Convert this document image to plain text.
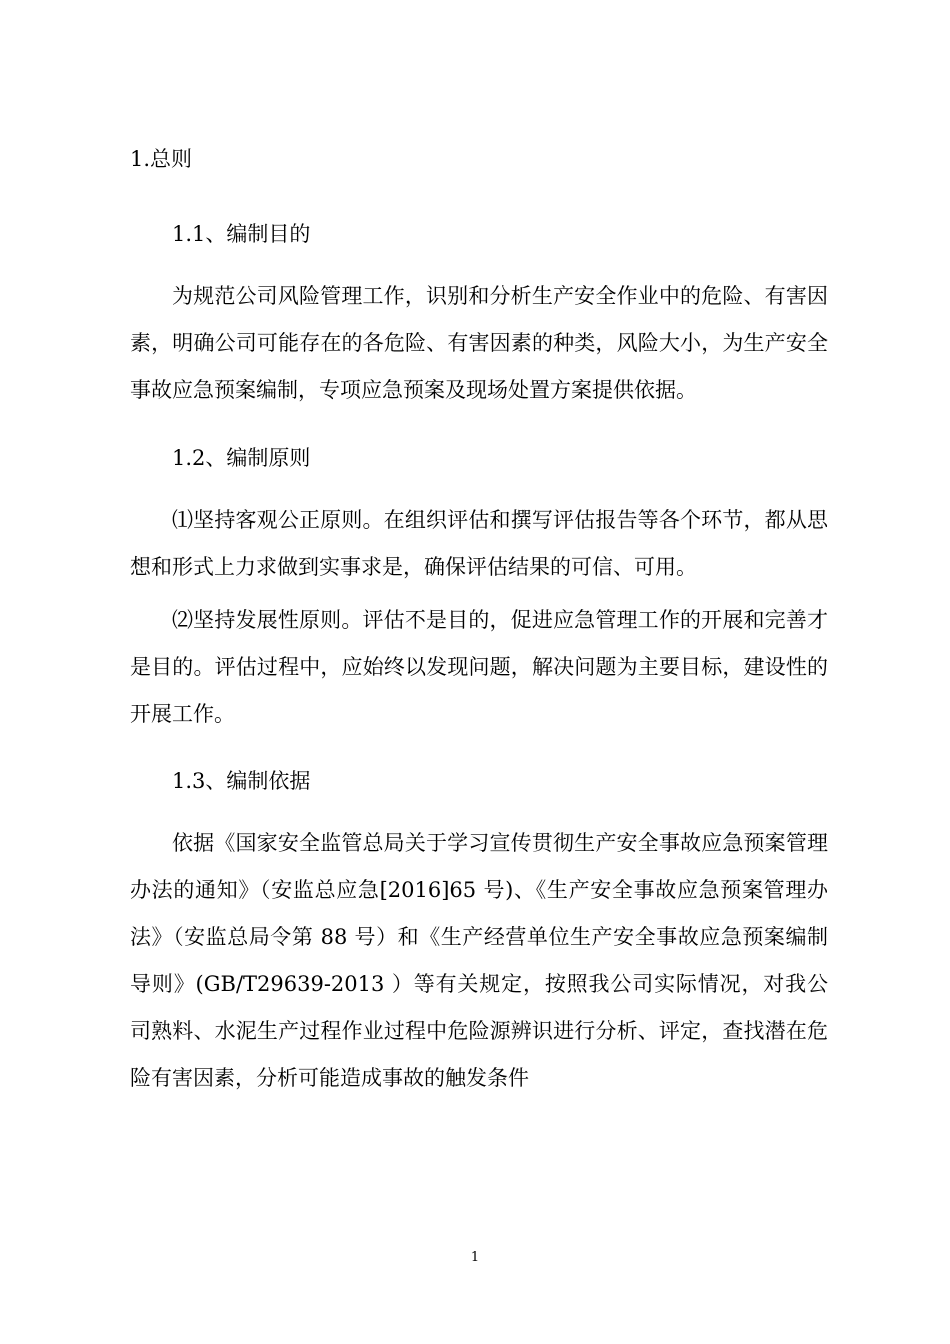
1.总则
1.1、编制目的

为规范公司风险管理工作，识别和分析生产安全作业中的危险、有害因素，明确公司可能存在的各危险、有害因素的种类，风险大小，为生产安全事故应急预案编制，专项应急预案及现场处置方案提供依据。

1.2、编制原则

⑴坚持客观公正原则。在组织评估和撰写评估报告等各个环节，都从思想和形式上力求做到实事求是，确保评估结果的可信、可用。

⑵坚持发展性原则。评估不是目的，促进应急管理工作的开展和完善才是目的。评估过程中，应始终以发现问题，解决问题为主要目标，建设性的开展工作。

1.3、编制依据

依据《国家安全监管总局关于学习宣传贯彻生产安全事故应急预案管理办法的通知》（安监总应急[2016]65 号)、《生产安全事故应急预案管理办法》（安监总局令第 88 号）和《生产经营单位生产安全事故应急预案编制导则》(GB/T29639-2013 ）等有关规定，按照我公司实际情况，对我公司熟料、水泥生产过程作业过程中危险源辨识进行分析、评定，查找潜在危险有害因素，分析可能造成事故的触发条件

1
